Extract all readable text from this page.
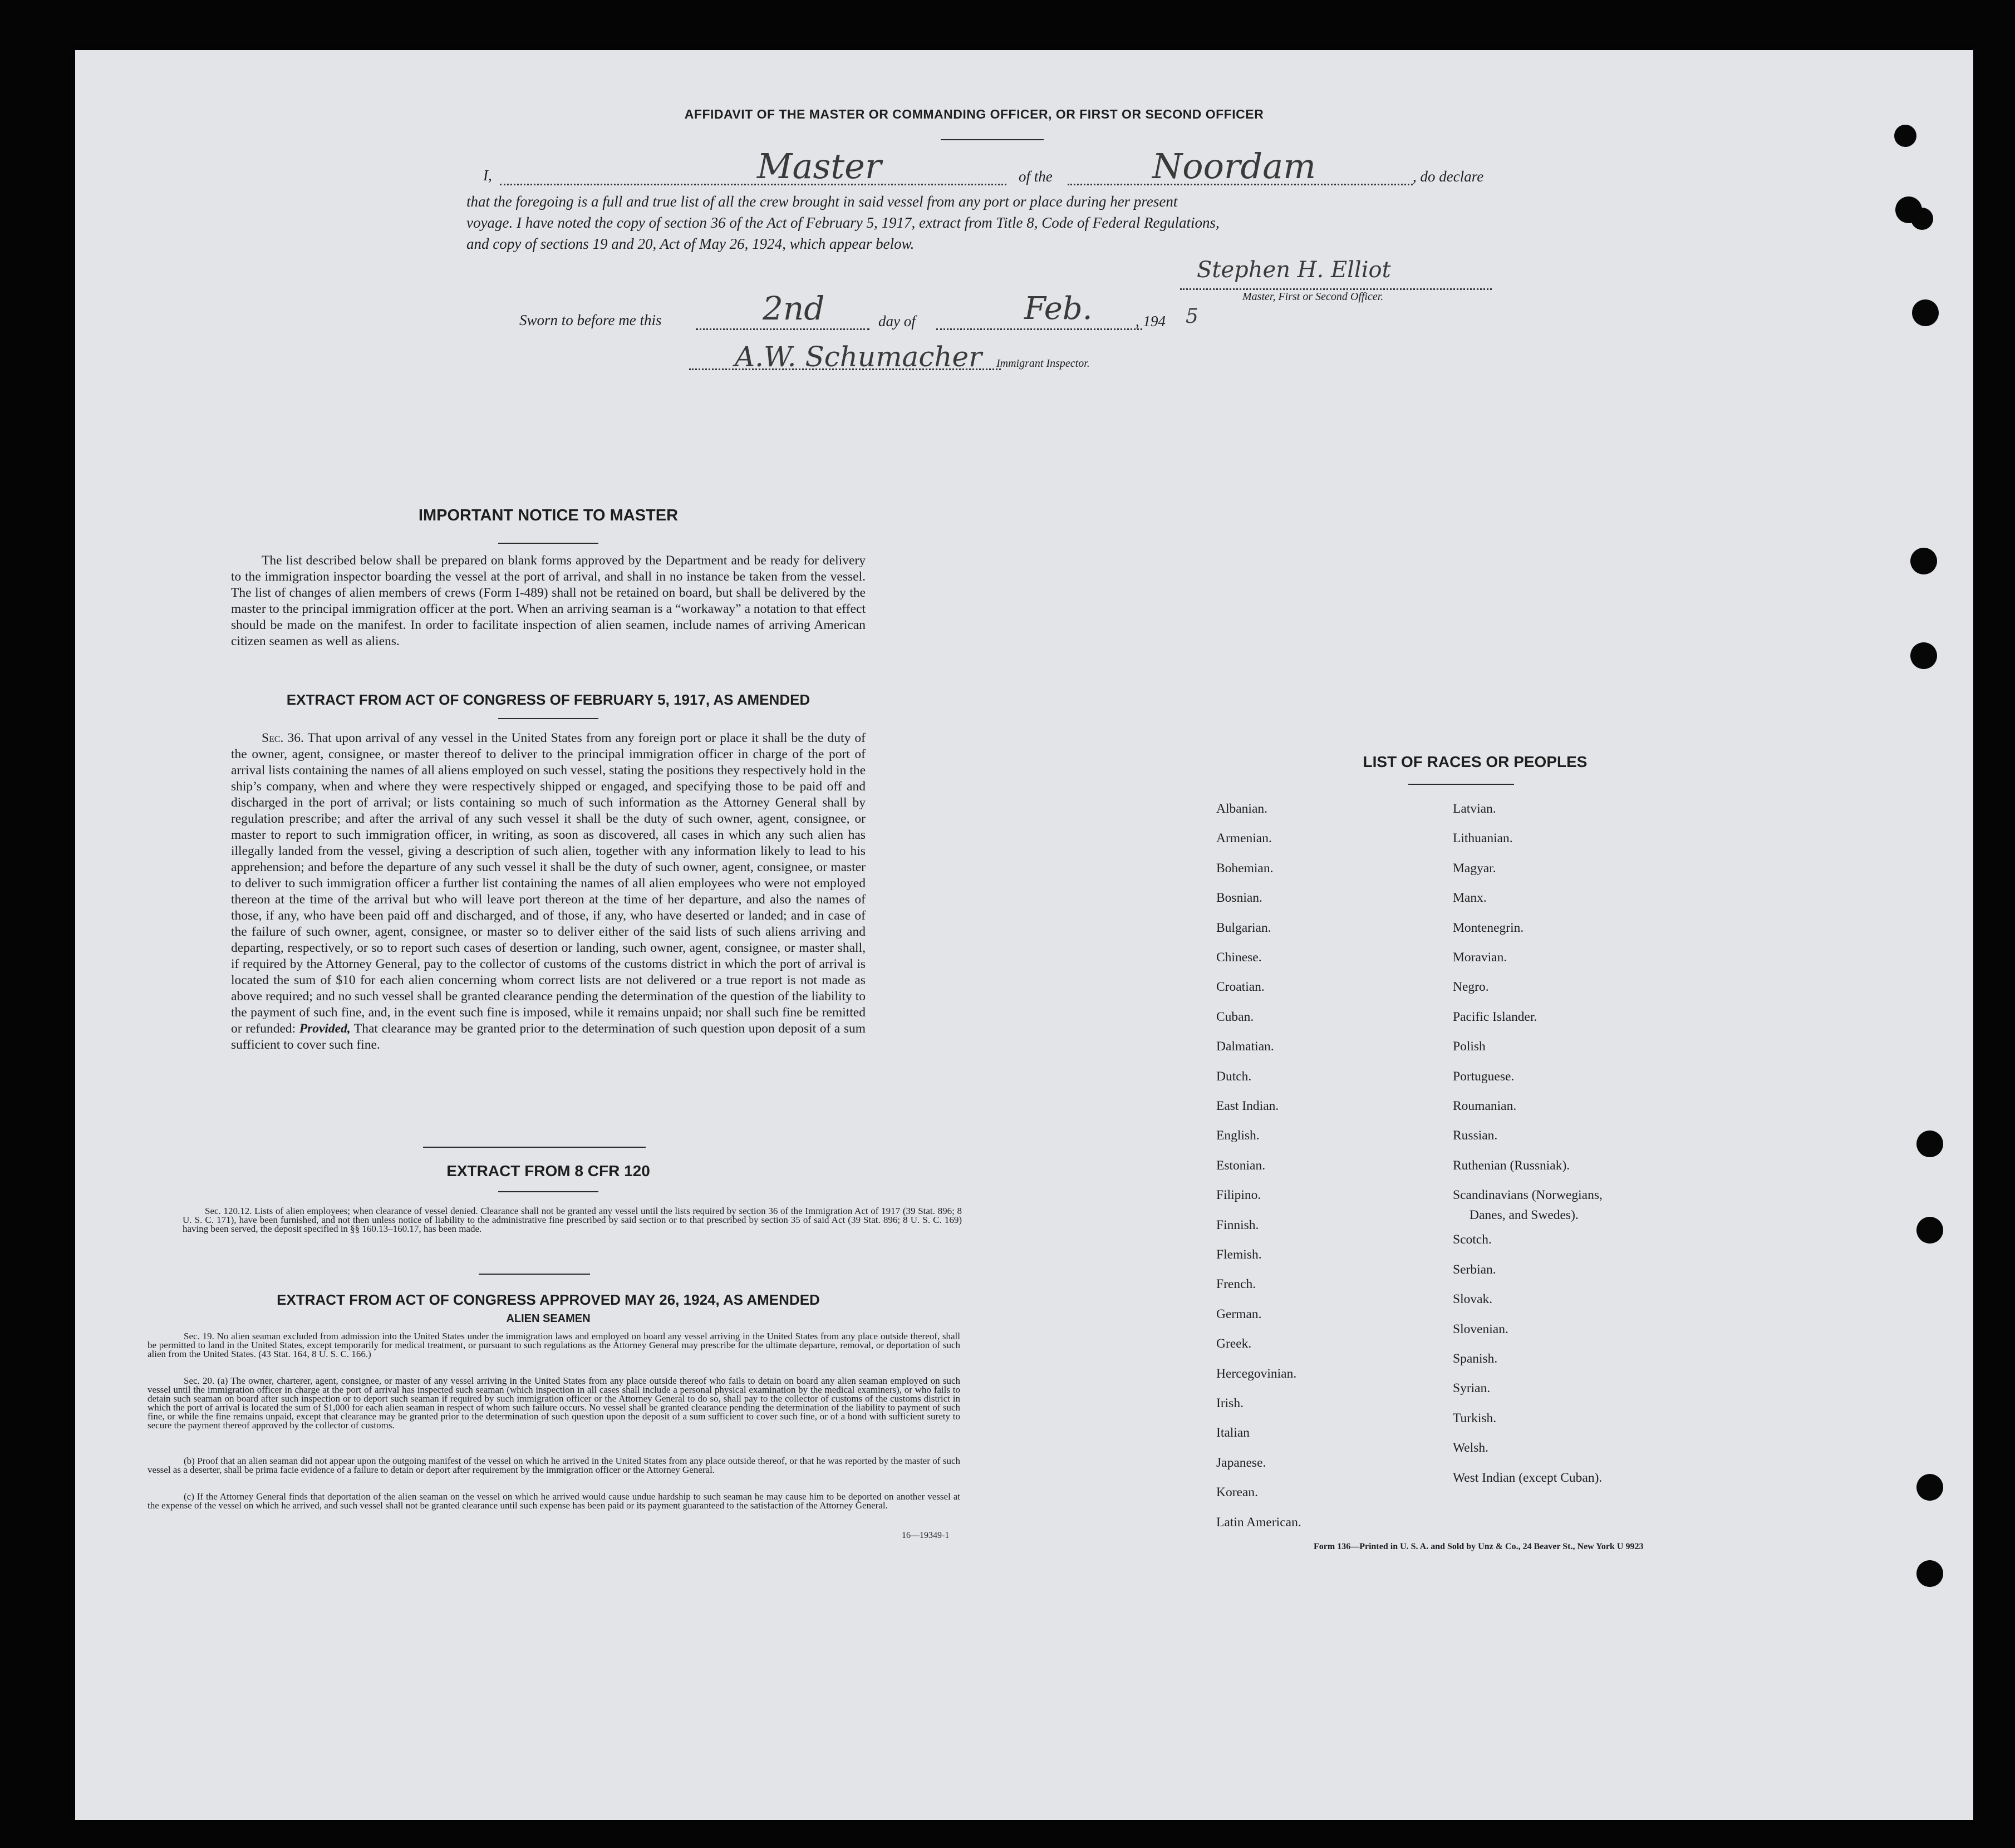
AFFIDAVIT OF THE MASTER OR COMMANDING OFFICER, OR FIRST OR SECOND OFFICER
I,	Master	of the	Noordam	, do declare
that the foregoing is a full and true list of all the crew brought in said vessel from any port or place during her present
voyage. I have noted the copy of section 36 of the Act of February 5, 1917, extract from Title 8, Code of Federal Regulations,
and copy of sections 19 and 20, Act of May 26, 1924, which appear below.
Stephen H. Elliot
Master, First or Second Officer.
Sworn to before me this	2nd	day of	Feb.	, 194 5
A.W. Schumacher Immigrant Inspector.
IMPORTANT NOTICE TO MASTER
The list described below shall be prepared on blank forms approved by the Department and be ready for delivery to the immigration inspector boarding the vessel at the port of arrival, and shall in no instance be taken from the vessel. The list of changes of alien members of crews (Form I-489) shall not be retained on board, but shall be delivered by the master to the principal immigration officer at the port. When an arriving seaman is a “workaway” a notation to that effect should be made on the manifest. In order to facilitate inspection of alien seamen, include names of arriving American citizen seamen as well as aliens.
EXTRACT FROM ACT OF CONGRESS OF FEBRUARY 5, 1917, AS AMENDED
Sec. 36. That upon arrival of any vessel in the United States from any foreign port or place it shall be the duty of the owner, agent, consignee, or master thereof to deliver to the principal immigration officer in charge of the port of arrival lists containing the names of all aliens employed on such vessel, stating the positions they respectively hold in the ship’s company, when and where they were respectively shipped or engaged, and specifying those to be paid off and discharged in the port of arrival; or lists containing so much of such information as the Attorney General shall by regulation prescribe; and after the arrival of any such vessel it shall be the duty of such owner, agent, consignee, or master to report to such immigration officer, in writing, as soon as discovered, all cases in which any such alien has illegally landed from the vessel, giving a description of such alien, together with any information likely to lead to his apprehension; and before the departure of any such vessel it shall be the duty of such owner, agent, consignee, or master to deliver to such immigration officer a further list containing the names of all alien employees who were not employed thereon at the time of the arrival but who will leave port thereon at the time of her departure, and also the names of those, if any, who have been paid off and discharged, and of those, if any, who have deserted or landed; and in case of the failure of such owner, agent, consignee, or master so to deliver either of the said lists of such aliens arriving and departing, respectively, or so to report such cases of desertion or landing, such owner, agent, consignee, or master shall, if required by the Attorney General, pay to the collector of customs of the customs district in which the port of arrival is located the sum of $10 for each alien concerning whom correct lists are not delivered or a true report is not made as above required; and no such vessel shall be granted clearance pending the determination of the question of the liability to the payment of such fine, and, in the event such fine is imposed, while it remains unpaid; nor shall such fine be remitted or refunded: Provided, That clearance may be granted prior to the determination of such question upon deposit of a sum sufficient to cover such fine.
EXTRACT FROM 8 CFR 120
Sec. 120.12. Lists of alien employees; when clearance of vessel denied. Clearance shall not be granted any vessel until the lists required by section 36 of the Immigration Act of 1917 (39 Stat. 896; 8 U. S. C. 171), have been furnished, and not then unless notice of liability to the administrative fine prescribed by said section or to that prescribed by section 35 of said Act (39 Stat. 896; 8 U. S. C. 169) having been served, the deposit specified in §§ 160.13–160.17, has been made.
EXTRACT FROM ACT OF CONGRESS APPROVED MAY 26, 1924, AS AMENDED
ALIEN SEAMEN
Sec. 19. No alien seaman excluded from admission into the United States under the immigration laws and employed on board any vessel arriving in the United States from any place outside thereof, shall be permitted to land in the United States, except temporarily for medical treatment, or pursuant to such regulations as the Attorney General may prescribe for the ultimate departure, removal, or deportation of such alien from the United States. (43 Stat. 164, 8 U. S. C. 166.)
Sec. 20. (a) The owner, charterer, agent, consignee, or master of any vessel arriving in the United States from any place outside thereof who fails to detain on board any alien seaman employed on such vessel until the immigration officer in charge at the port of arrival has inspected such seaman (which inspection in all cases shall include a personal physical examination by the medical examiners), or who fails to detain such seaman on board after such inspection or to deport such seaman if required by such immigration officer or the Attorney General to do so, shall pay to the collector of customs of the customs district in which the port of arrival is located the sum of $1,000 for each alien seaman in respect of whom such failure occurs. No vessel shall be granted clearance pending the determination of the liability to payment of such fine, or while the fine remains unpaid, except that clearance may be granted prior to the determination of such question upon the deposit of a sum sufficient to cover such fine, or of a bond with sufficient surety to secure the payment thereof approved by the collector of customs.
(b) Proof that an alien seaman did not appear upon the outgoing manifest of the vessel on which he arrived in the United States from any place outside thereof, or that he was reported by the master of such vessel as a deserter, shall be prima facie evidence of a failure to detain or deport after requirement by the immigration officer or the Attorney General.
(c) If the Attorney General finds that deportation of the alien seaman on the vessel on which he arrived would cause undue hardship to such seaman he may cause him to be deported on another vessel at the expense of the vessel on which he arrived, and such vessel shall not be granted clearance until such expense has been paid or its payment guaranteed to the satisfaction of the Attorney General.
16—19349-1
LIST OF RACES OR PEOPLES
Albanian.
Armenian.
Bohemian.
Bosnian.
Bulgarian.
Chinese.
Croatian.
Cuban.
Dalmatian.
Dutch.
East Indian.
English.
Estonian.
Filipino.
Finnish.
Flemish.
French.
German.
Greek.
Hercegovinian.
Irish.
Italian
Japanese.
Korean.
Latin American.
Latvian.
Lithuanian.
Magyar.
Manx.
Montenegrin.
Moravian.
Negro.
Pacific Islander.
Polish
Portuguese.
Roumanian.
Russian.
Ruthenian (Russniak).
Scandinavians (Norwegians,
Scotch.
Serbian.
Slovak.
Slovenian.
Spanish.
Syrian.
Turkish.
Welsh.
West Indian (except Cuban).
Danes, and Swedes).
Form 136—Printed in U. S. A. and Sold by Unz & Co., 24 Beaver St., New York U 9923
